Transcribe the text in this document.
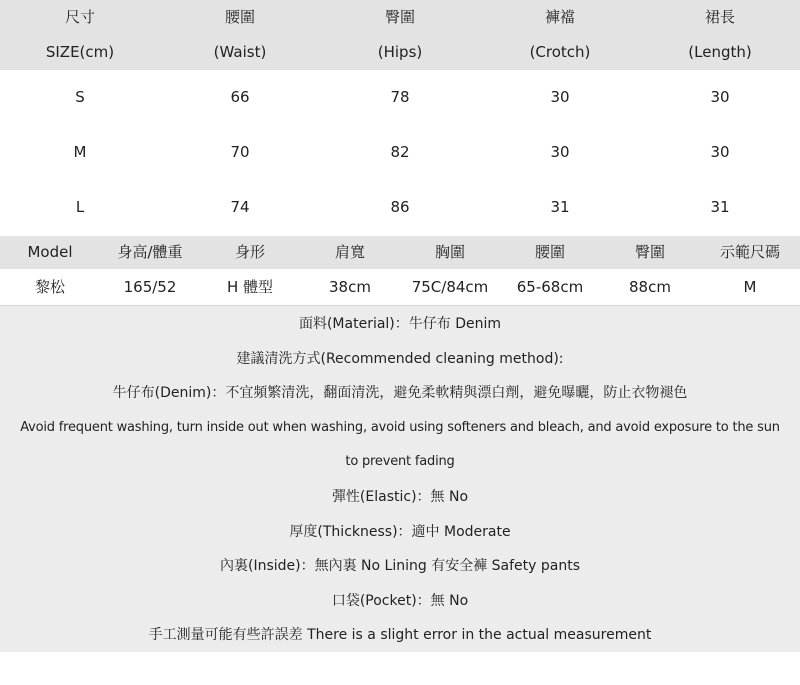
尺寸	腰圍	臀圍	褲襠	裙長
SIZE(cm)	(Waist)	(Hips)	(Crotch)	(Length)
S	66	78	30	30
M	70	82	30	30
L	74	86	31	31
Model	身高/體重	身形	肩寬	胸圍	腰圍	臀圍	示範尺碼
黎松	165/52	H 體型	38cm	75C/84cm	65-68cm	88cm	M
面料(Material)：牛仔布 Denim
建議清洗方式(Recommended cleaning method):
牛仔布(Denim)：不宜頻繁清洗，翻面清洗，避免柔軟精與漂白劑，避免曝曬，防止衣物褪色
Avoid frequent washing, turn inside out when washing, avoid using softeners and bleach, and avoid exposure to the sun
to prevent fading
彈性(Elastic)：無 No
厚度(Thickness)：適中 Moderate
內裏(Inside)：無內裏 No Lining 有安全褲 Safety pants
口袋(Pocket)：無 No
手工測量可能有些許誤差 There is a slight error in the actual measurement
